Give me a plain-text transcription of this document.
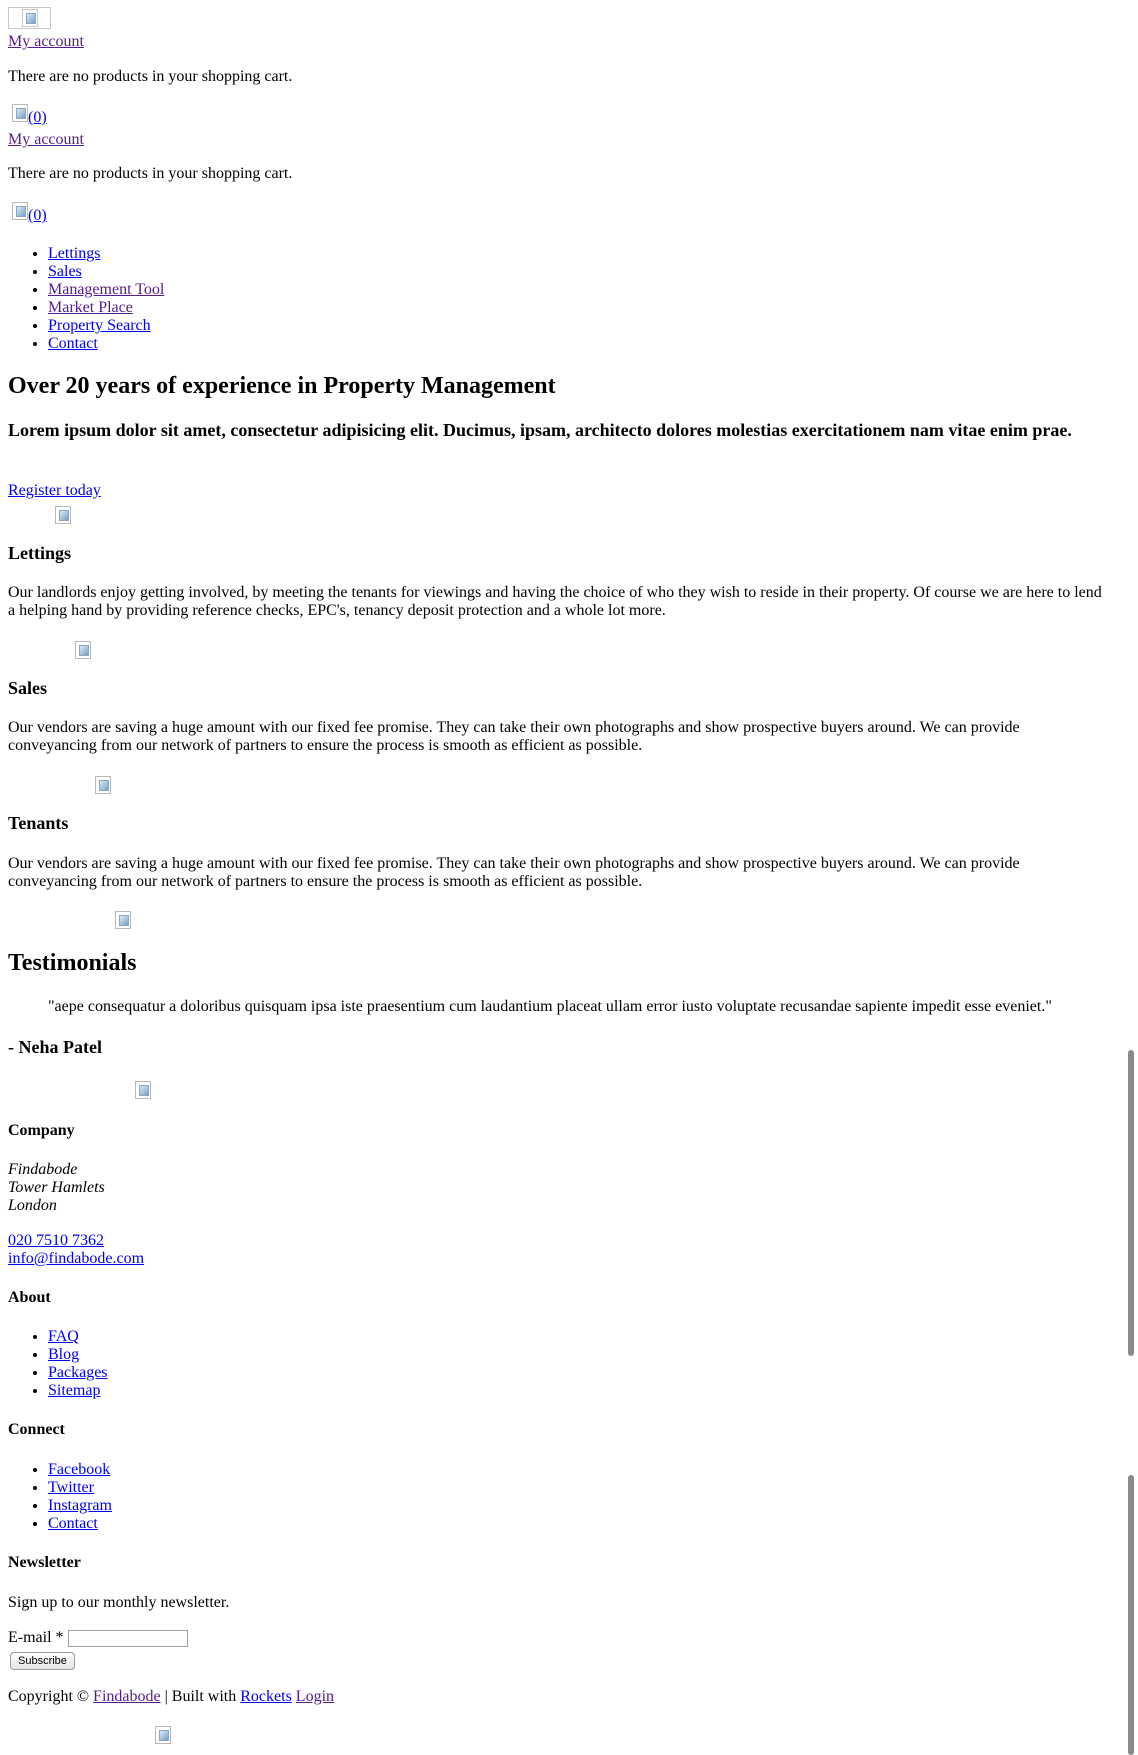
My account

There are no products in your shopping cart.

(0)
My account

There are no products in your shopping cart.

(0)
• Lettings
• Sales
• Management Tool
• Market Place
• Property Search
• Contact
Over 20 years of experience in Property Management
Lorem ipsum dolor sit amet, consectetur adipisicing elit. Ducimus, ipsam, architecto dolores molestias exercitationem nam vitae enim prae.
Register today

Lettings

Our landlords enjoy getting involved, by meeting the tenants for viewings and having the choice of who they wish to reside in their property. Of course we are here to lend a helping hand by providing reference checks, EPC's, tenancy deposit protection and a whole lot more.

Sales

Our vendors are saving a huge amount with our fixed fee promise. They can take their own photographs and show prospective buyers around. We can provide conveyancing from our network of partners to ensure the process is smooth as efficient as possible.

Tenants

Our vendors are saving a huge amount with our fixed fee promise. They can take their own photographs and show prospective buyers around. We can provide conveyancing from our network of partners to ensure the process is smooth as efficient as possible.

Testimonials
"aepe consequatur a doloribus quisquam ipsa iste praesentium cum laudantium placeat ullam error iusto voluptate recusandae sapiente impedit esse eveniet."
- Neha Patel

Company
Findabode
Tower Hamlets
London
020 7510 7362
info@findabode.com
About
• FAQ
• Blog
• Packages
• Sitemap
Connect
• Facebook
• Twitter
• Instagram
• Contact
Newsletter

Sign up to our monthly newsletter.

E-mail *
Subscribe

Copyright © Findabode | Built with Rockets Login
